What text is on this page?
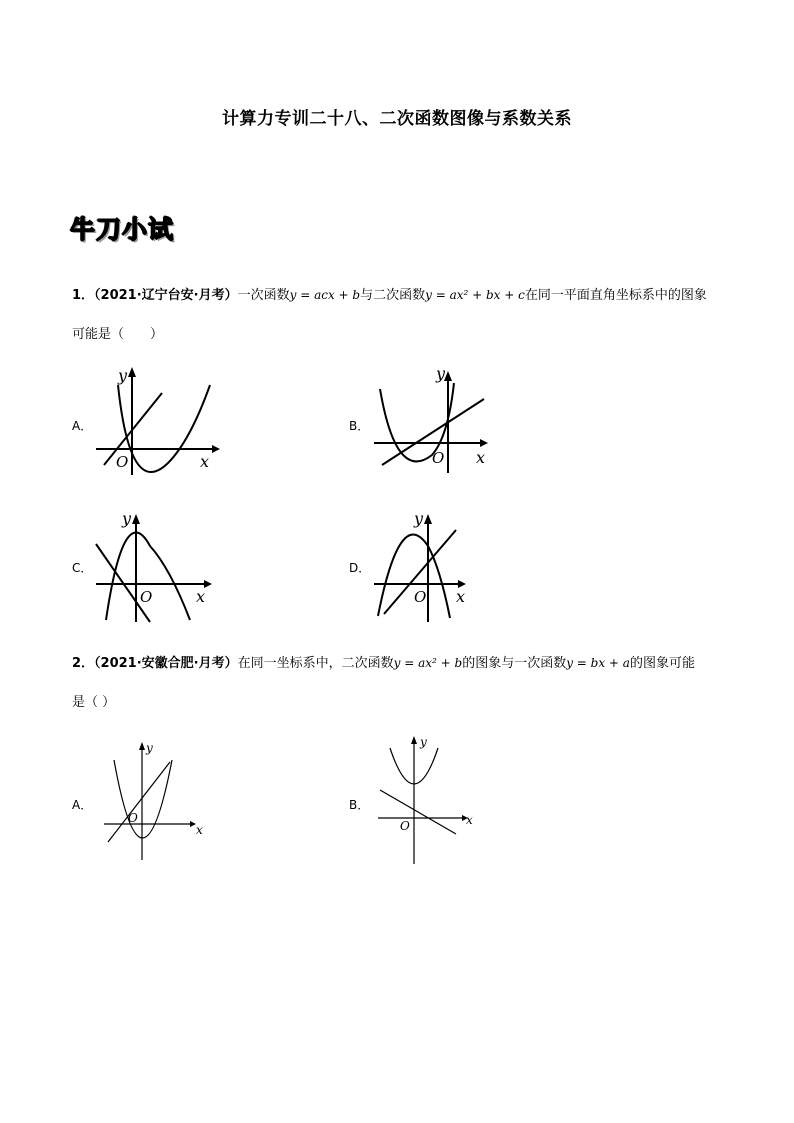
计算力专训二十八、二次函数图像与系数关系
牛刀小试
1．（2021·辽宁台安·月考）一次函数y = acx + b与二次函数y = ax² + bx + c在同一平面直角坐标系中的图象
可能是（　　）
A．
y
x
O
B．
y
x
O
C．
y
x
O
D．
y
x
O
2．（2021·安徽合肥·月考）在同一坐标系中，二次函数y = ax² + b的图象与一次函数y = bx + a的图象可能
是（ ）
A．
y
x
O
B．
y
x
O
